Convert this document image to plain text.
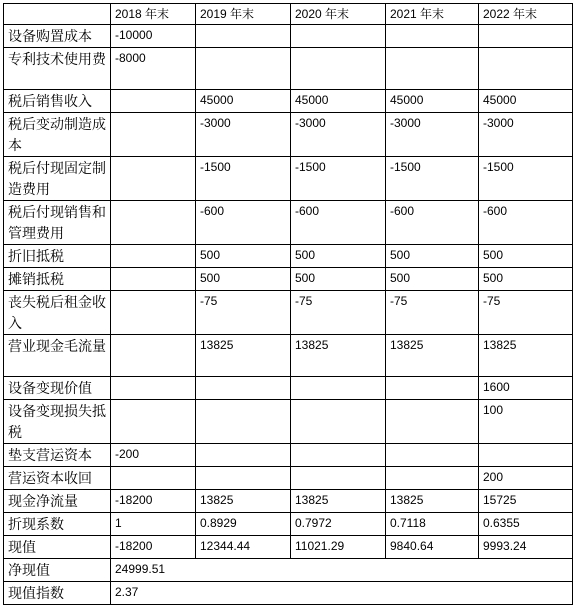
	2018 年末	2019 年末	2020 年末	2021 年末	2022 年末
设备购置成本	-10000				
专利技术使用费	-8000				
税后销售收入		45000	45000	45000	45000
税后变动制造成本		-3000	-3000	-3000	-3000
税后付现固定制造费用		-1500	-1500	-1500	-1500
税后付现销售和管理费用		-600	-600	-600	-600
折旧抵税		500	500	500	500
摊销抵税		500	500	500	500
丧失税后租金收入		-75	-75	-75	-75
营业现金毛流量		13825	13825	13825	13825
设备变现价值					1600
设备变现损失抵税					100
垫支营运资本	-200				
营运资本收回					200
现金净流量	-18200	13825	13825	13825	15725
折现系数	1	0.8929	0.7972	0.7118	0.6355
现值	-18200	12344.44	11021.29	9840.64	9993.24
净现值	24999.51				
现值指数	2.37				
